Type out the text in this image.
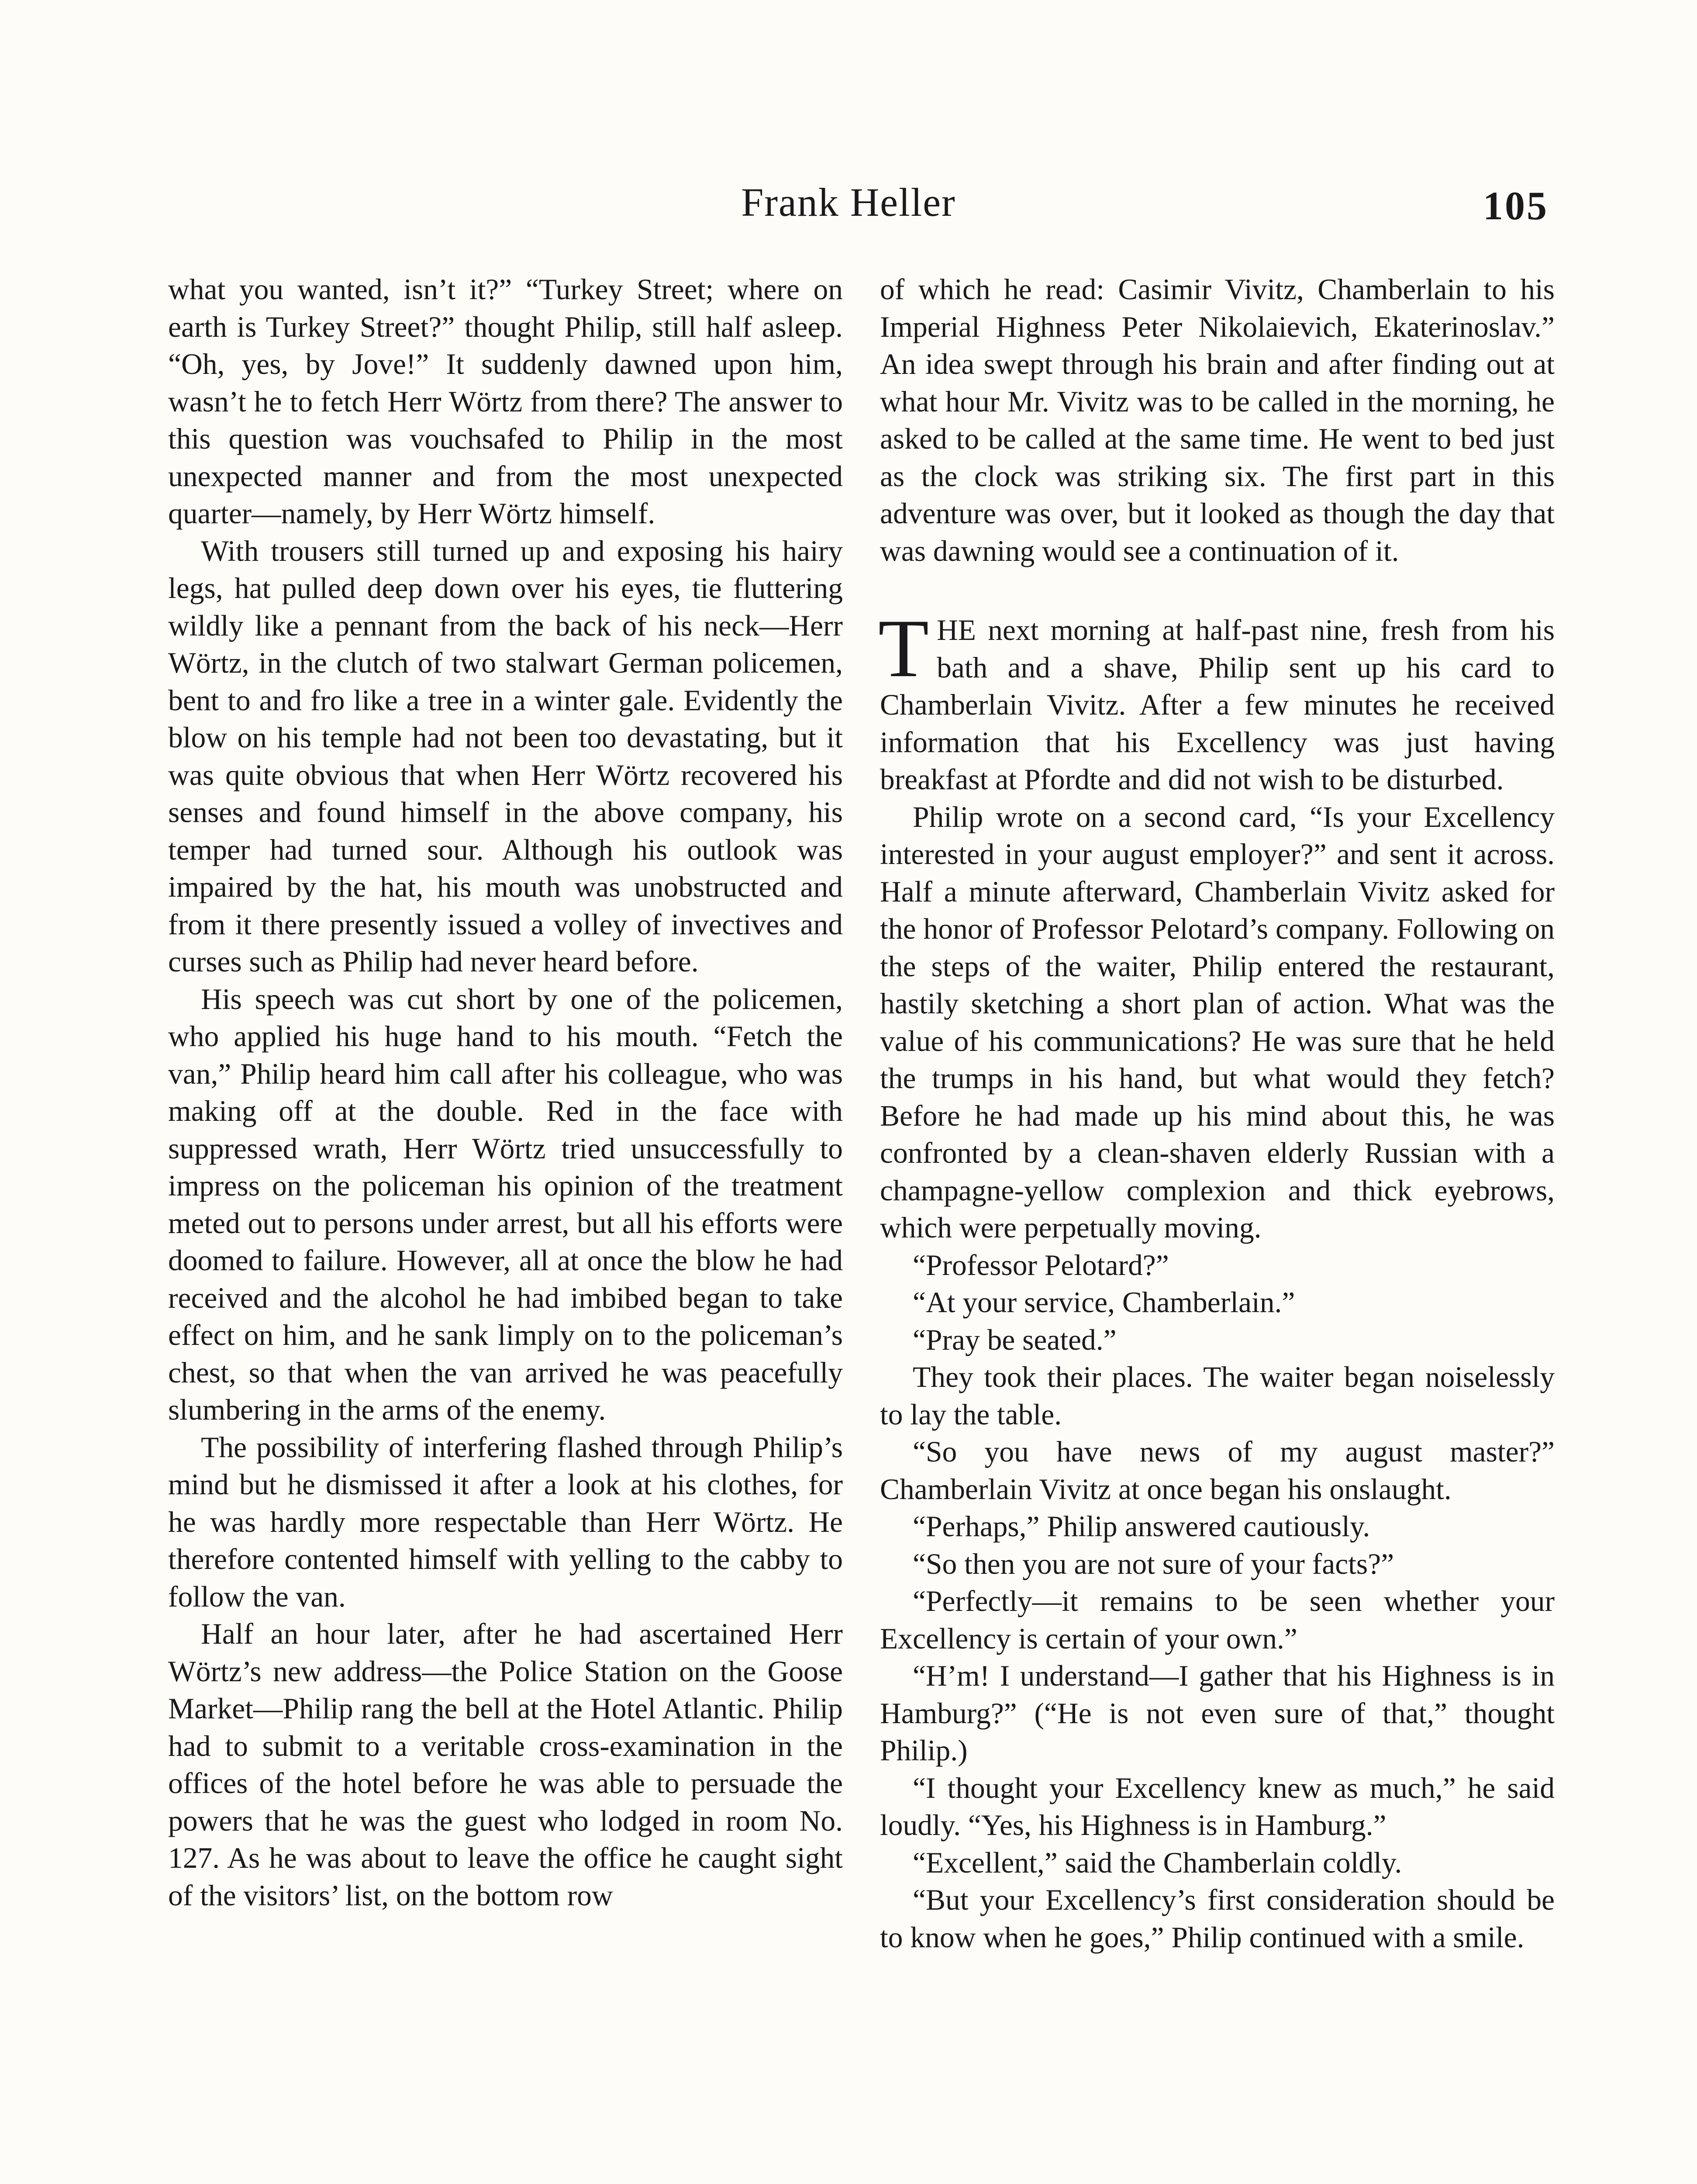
Frank Heller	105

what you wanted, isn’t it?” “Turkey Street; where on earth is Turkey Street?” thought Philip, still half asleep. “Oh, yes, by Jove!” It suddenly dawned upon him, wasn’t he to fetch Herr Wörtz from there? The answer to this question was vouchsafed to Philip in the most unexpected manner and from the most unexpected quarter—namely, by Herr Wörtz himself.

With trousers still turned up and exposing his hairy legs, hat pulled deep down over his eyes, tie fluttering wildly like a pennant from the back of his neck—Herr Wörtz, in the clutch of two stalwart German policemen, bent to and fro like a tree in a winter gale. Evidently the blow on his temple had not been too devastating, but it was quite obvious that when Herr Wörtz recovered his senses and found himself in the above company, his temper had turned sour. Although his outlook was impaired by the hat, his mouth was unobstructed and from it there presently issued a volley of invectives and curses such as Philip had never heard before.

His speech was cut short by one of the policemen, who applied his huge hand to his mouth. “Fetch the van,” Philip heard him call after his colleague, who was making off at the double. Red in the face with suppressed wrath, Herr Wörtz tried unsuccessfully to impress on the policeman his opinion of the treatment meted out to persons under arrest, but all his efforts were doomed to failure. However, all at once the blow he had received and the alcohol he had imbibed began to take effect on him, and he sank limply on to the policeman’s chest, so that when the van arrived he was peacefully slumbering in the arms of the enemy.

The possibility of interfering flashed through Philip’s mind but he dismissed it after a look at his clothes, for he was hardly more respectable than Herr Wörtz. He therefore contented himself with yelling to the cabby to follow the van.

Half an hour later, after he had ascertained Herr Wörtz’s new address—the Police Station on the Goose Market—Philip rang the bell at the Hotel Atlantic. Philip had to submit to a veritable cross-examination in the offices of the hotel before he was able to persuade the powers that he was the guest who lodged in room No. 127. As he was about to leave the office he caught sight of the visitors’ list, on the bottom row

of which he read: Casimir Vivitz, Chamberlain to his Imperial Highness Peter Nikolaievich, Ekaterinoslav.” An idea swept through his brain and after finding out at what hour Mr. Vivitz was to be called in the morning, he asked to be called at the same time. He went to bed just as the clock was striking six. The first part in this adventure was over, but it looked as though the day that was dawning would see a continuation of it.

THE next morning at half-past nine, fresh from his bath and a shave, Philip sent up his card to Chamberlain Vivitz. After a few minutes he received information that his Excellency was just having breakfast at Pfordte and did not wish to be disturbed.

Philip wrote on a second card, “Is your Excellency interested in your august employer?” and sent it across. Half a minute afterward, Chamberlain Vivitz asked for the honor of Professor Pelotard’s company. Following on the steps of the waiter, Philip entered the restaurant, hastily sketching a short plan of action. What was the value of his communications? He was sure that he held the trumps in his hand, but what would they fetch? Before he had made up his mind about this, he was confronted by a clean-shaven elderly Russian with a champagne-yellow complexion and thick eyebrows, which were perpetually moving.

“Professor Pelotard?”

“At your service, Chamberlain.”

“Pray be seated.”

They took their places. The waiter began noiselessly to lay the table.

“So you have news of my august master?” Chamberlain Vivitz at once began his onslaught.

“Perhaps,” Philip answered cautiously.

“So then you are not sure of your facts?”

“Perfectly—it remains to be seen whether your Excellency is certain of your own.”

“H’m! I understand—I gather that his Highness is in Hamburg?” (“He is not even sure of that,” thought Philip.)

“I thought your Excellency knew as much,” he said loudly. “Yes, his Highness is in Hamburg.”

“Excellent,” said the Chamberlain coldly.

“But your Excellency’s first consideration should be to know when he goes,” Philip continued with a smile.
